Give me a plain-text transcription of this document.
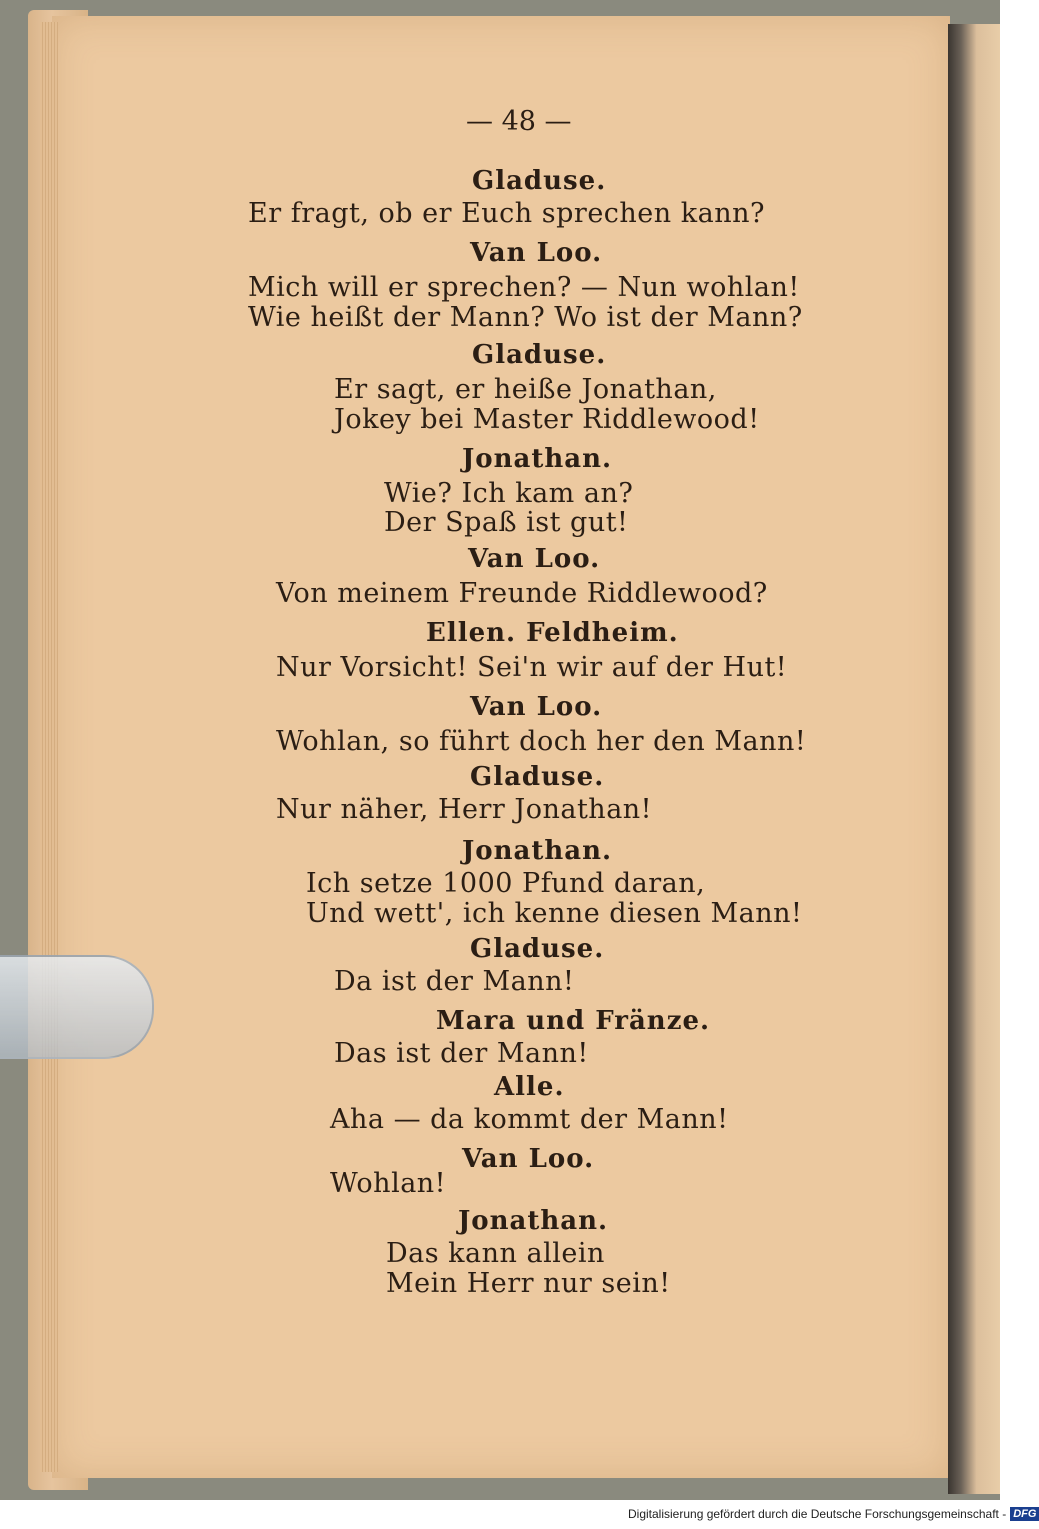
— 48 —
Gladuse.
Er fragt, ob er Euch sprechen kann?
Van Loo.
Mich will er sprechen? — Nun wohlan!
Wie heißt der Mann? Wo ist der Mann?
Gladuse.
Er sagt, er heiße Jonathan,
Jokey bei Master Riddlewood!
Jonathan.
Wie? Ich kam an?
Der Spaß ist gut!
Van Loo.
Von meinem Freunde Riddlewood?
Ellen. Feldheim.
Nur Vorsicht! Sei'n wir auf der Hut!
Van Loo.
Wohlan, so führt doch her den Mann!
Gladuse.
Nur näher, Herr Jonathan!
Jonathan.
Ich setze 1000 Pfund daran,
Und wett', ich kenne diesen Mann!
Gladuse.
Da ist der Mann!
Mara und Fränze.
Das ist der Mann!
Alle.
Aha — da kommt der Mann!
Van Loo.
Wohlan!
Jonathan.
Das kann allein
Mein Herr nur sein!
Digitalisierung gefördert durch die Deutsche Forschungsgemeinschaft - DFG
